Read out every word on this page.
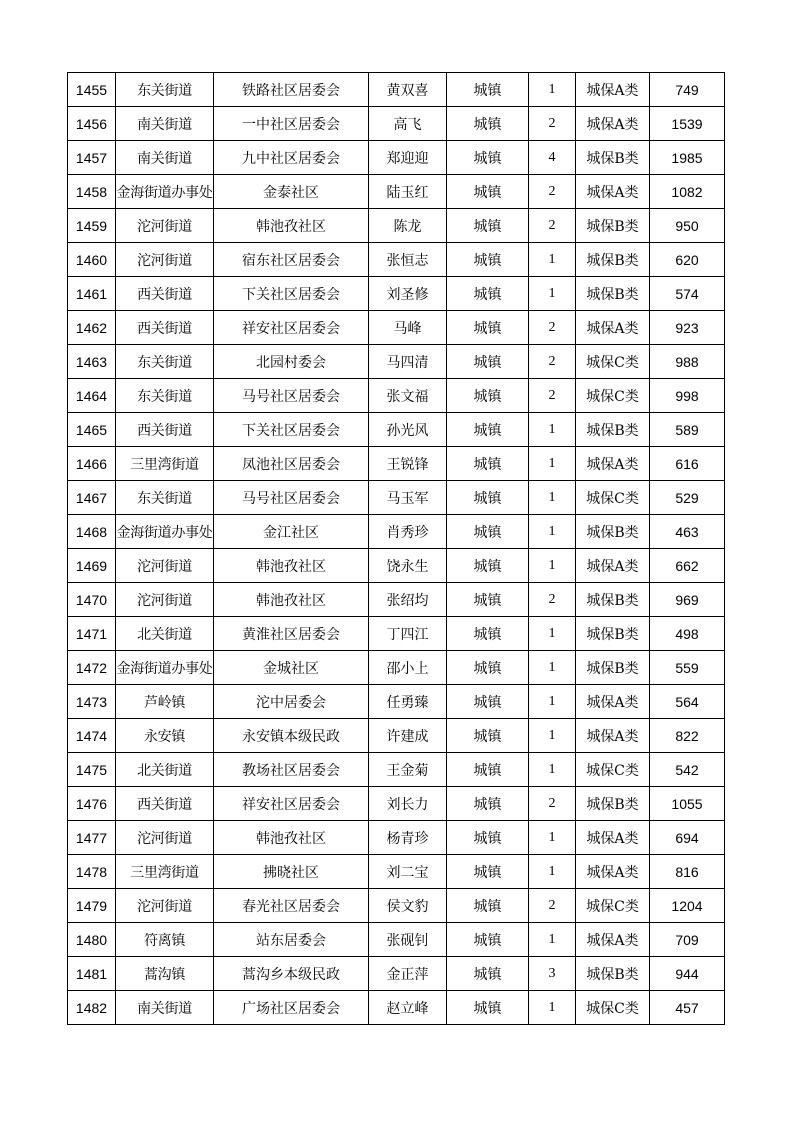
1455	东关街道	铁路社区居委会	黄双喜	城镇	1	城保A类	749
1456	南关街道	一中社区居委会	高飞	城镇	2	城保A类	1539
1457	南关街道	九中社区居委会	郑迎迎	城镇	4	城保B类	1985
1458	金海街道办事处	金泰社区	陆玉红	城镇	2	城保A类	1082
1459	沱河街道	韩池孜社区	陈龙	城镇	2	城保B类	950
1460	沱河街道	宿东社区居委会	张恒志	城镇	1	城保B类	620
1461	西关街道	下关社区居委会	刘圣修	城镇	1	城保B类	574
1462	西关街道	祥安社区居委会	马峰	城镇	2	城保A类	923
1463	东关街道	北园村委会	马四清	城镇	2	城保C类	988
1464	东关街道	马号社区居委会	张文福	城镇	2	城保C类	998
1465	西关街道	下关社区居委会	孙光风	城镇	1	城保B类	589
1466	三里湾街道	凤池社区居委会	王锐锋	城镇	1	城保A类	616
1467	东关街道	马号社区居委会	马玉军	城镇	1	城保C类	529
1468	金海街道办事处	金江社区	肖秀珍	城镇	1	城保B类	463
1469	沱河街道	韩池孜社区	饶永生	城镇	1	城保A类	662
1470	沱河街道	韩池孜社区	张绍均	城镇	2	城保B类	969
1471	北关街道	黄淮社区居委会	丁四江	城镇	1	城保B类	498
1472	金海街道办事处	金城社区	邵小上	城镇	1	城保B类	559
1473	芦岭镇	沱中居委会	任勇臻	城镇	1	城保A类	564
1474	永安镇	永安镇本级民政	许建成	城镇	1	城保A类	822
1475	北关街道	教场社区居委会	王金菊	城镇	1	城保C类	542
1476	西关街道	祥安社区居委会	刘长力	城镇	2	城保B类	1055
1477	沱河街道	韩池孜社区	杨青珍	城镇	1	城保A类	694
1478	三里湾街道	拂晓社区	刘二宝	城镇	1	城保A类	816
1479	沱河街道	春光社区居委会	侯文豹	城镇	2	城保C类	1204
1480	符离镇	站东居委会	张砚钊	城镇	1	城保A类	709
1481	蒿沟镇	蒿沟乡本级民政	金正萍	城镇	3	城保B类	944
1482	南关街道	广场社区居委会	赵立峰	城镇	1	城保C类	457
